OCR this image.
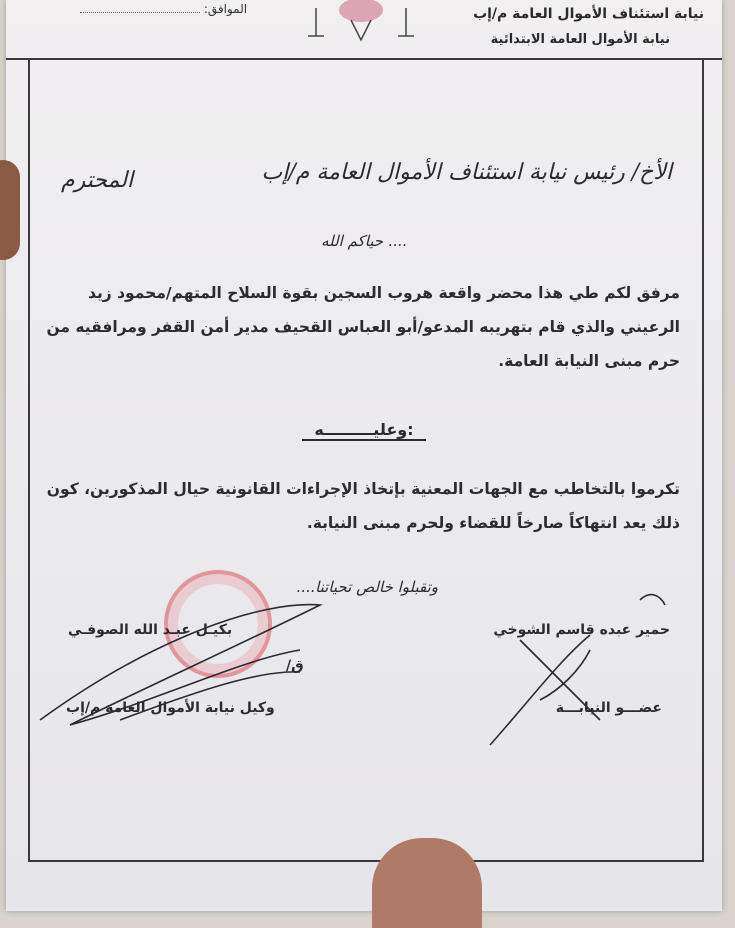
نيابة استئناف الأموال العامة م/إب
نيابة الأموال العامة الابتدائية
الموافق:
الأخ/ رئيس نيابة استئناف الأموال العامة م/إب
المحترم
حياكم الله ....
مرفق لكم طي هذا محضر واقعة هروب السجين بقوة السلاح المتهم/محمود زيد الرعيني والذي قام بتهريبه المدعو/أبو العباس القحيف مدير أمن القفر ومرافقيه من حرم مبنى النيابة العامة.
وعليـــــــــه:
تكرموا بالتخاطب مع الجهات المعنية بإتخاذ الإجراءات القانونية حيال المذكورين، كون ذلك يعد انتهاكاً صارخاً للقضاء ولحرم مبنى النيابة.
وتقبلوا خالص تحياتنا....
بكيـل عبـد الله الصوفـي
ق/
وكيل نيابة الأموال العامة م/إب
حمير عبده قاسم الشوخي
عضـــو النيابـــة
